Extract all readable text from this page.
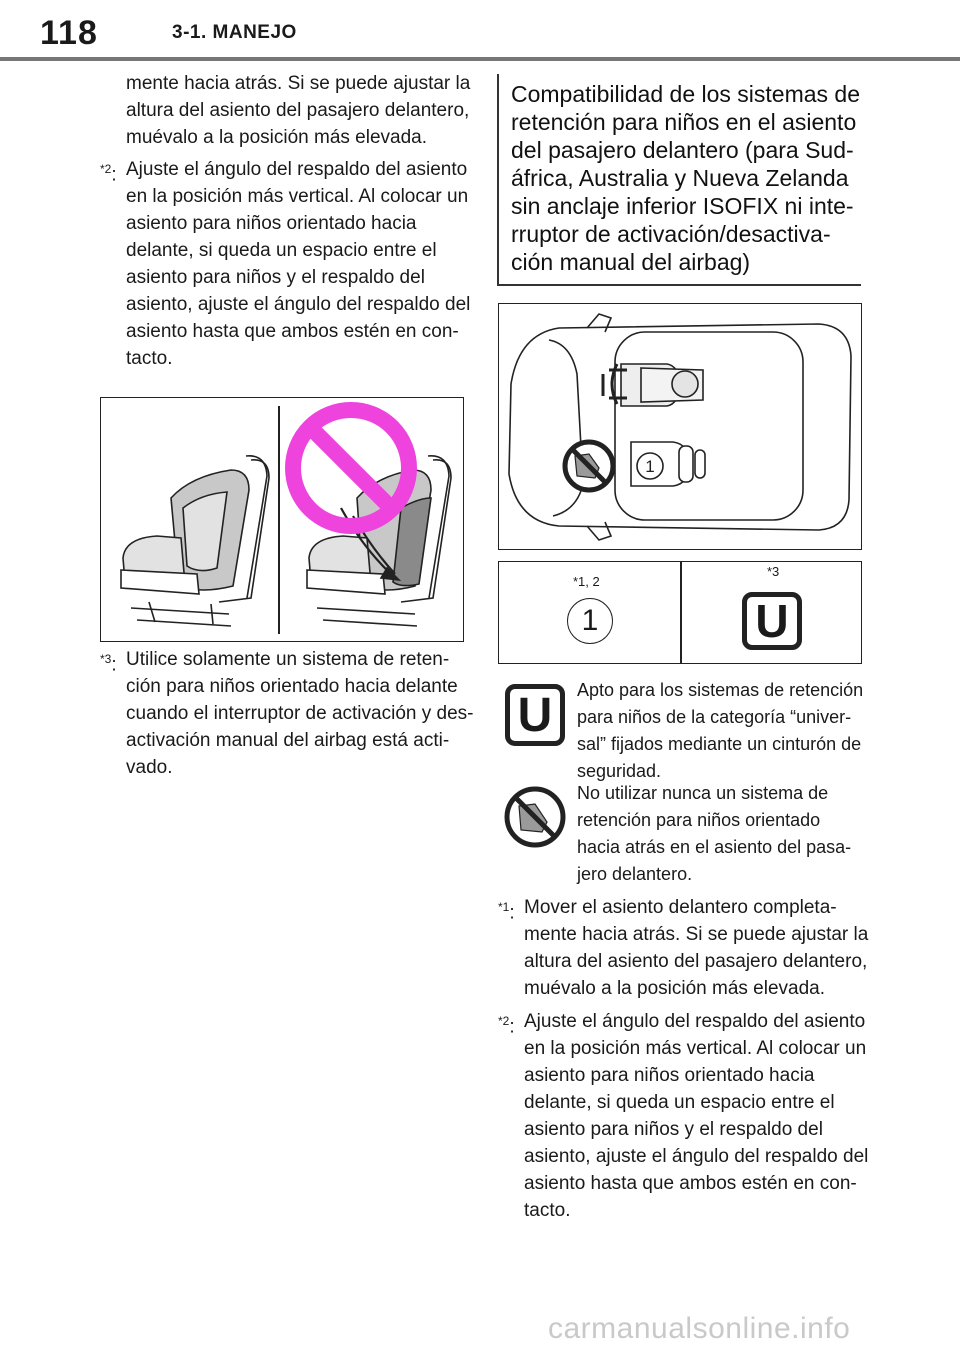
118	3-1. MANEJO
mente hacia atrás. Si se puede ajustar la
altura del asiento del pasajero delantero,
muévalo a la posición más elevada.
$^{*2}$: Ajuste el ángulo del respaldo del asiento
en la posición más vertical. Al colocar un
asiento para niños orientado hacia
delante, si queda un espacio entre el
asiento para niños y el respaldo del
asiento, ajuste el ángulo del respaldo del
asiento hasta que ambos estén en con-
tacto.
$^{*3}$: Utilice solamente un sistema de reten-
ción para niños orientado hacia delante
cuando el interruptor de activación y des-
activación manual del airbag está acti-
vado.
Compatibilidad de los sistemas de
retención para niños en el asiento
del pasajero delantero (para Sud-
áfrica, Australia y Nueva Zelanda
sin anclaje inferior ISOFIX ni inte-
rruptor de activación/desactiva-
ción manual del airbag)
1
*1, 2
1
*3
U
U Apto para los sistemas de retención
para niños de la categoría “univer-
sal” fijados mediante un cinturón de
seguridad.
No utilizar nunca un sistema de
retención para niños orientado
hacia atrás en el asiento del pasa-
jero delantero.
$^{*1}$: Mover el asiento delantero completa-
mente hacia atrás. Si se puede ajustar la
altura del asiento del pasajero delantero,
muévalo a la posición más elevada.
$^{*2}$: Ajuste el ángulo del respaldo del asiento
en la posición más vertical. Al colocar un
asiento para niños orientado hacia
delante, si queda un espacio entre el
asiento para niños y el respaldo del
asiento, ajuste el ángulo del respaldo del
asiento hasta que ambos estén en con-
tacto.
carmanualsonline.info
